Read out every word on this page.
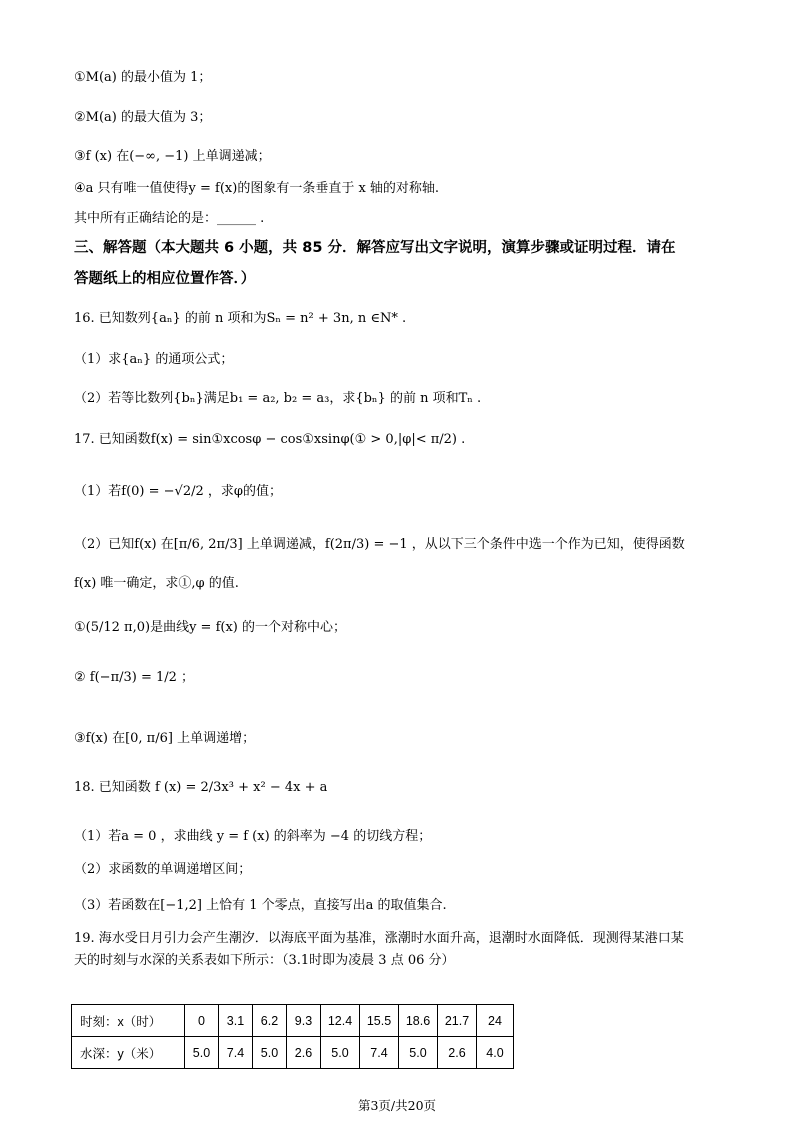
①M(a) 的最小值为 1；
②M(a) 的最大值为 3；
③f (x) 在(−∞, −1) 上单调递减；
④a 只有唯一值使得y = f(x)的图象有一条垂直于 x 轴的对称轴.
其中所有正确结论的是：______ .
三、解答题（本大题共 6 小题，共 85 分．解答应写出文字说明，演算步骤或证明过程．请在
答题纸上的相应位置作答．）
16. 已知数列{aₙ} 的前 n 项和为Sₙ = n² + 3n, n ∈N* .
（1）求{aₙ} 的通项公式；
（2）若等比数列{bₙ}满足b₁ = a₂, b₂ = a₃，求{bₙ} 的前 n 项和Tₙ .
17. 已知函数f(x) = sin①xcosφ − cos①xsinφ(① > 0,|φ|< π/2) .
（1）若f(0) = −√2/2 ，求φ的值；
（2）已知f(x) 在[π/6, 2π/3] 上单调递减，f(2π/3) = −1 ，从以下三个条件中选一个作为已知，使得函数
f(x) 唯一确定，求①,φ 的值.
①(5/12 π,0)是曲线y = f(x) 的一个对称中心；
② f(−π/3) = 1/2 ；
③f(x) 在[0, π/6] 上单调递增；
18. 已知函数 f (x) = 2/3x³ + x² − 4x + a
（1）若a = 0 ，求曲线 y = f (x) 的斜率为 −4 的切线方程；
（2）求函数的单调递增区间；
（3）若函数在[−1,2] 上恰有 1 个零点，直接写出a 的取值集合.
19. 海水受日月引力会产生潮汐．以海底平面为基准，涨潮时水面升高，退潮时水面降低．现测得某港口某
天的时刻与水深的关系表如下所示：（3.1时即为凌晨 3 点 06 分）
时刻：x（时）	0	3.1	6.2	9.3	12.4	15.5	18.6	21.7	24
水深：y（米）	5.0	7.4	5.0	2.6	5.0	7.4	5.0	2.6	4.0
第3页/共20页
